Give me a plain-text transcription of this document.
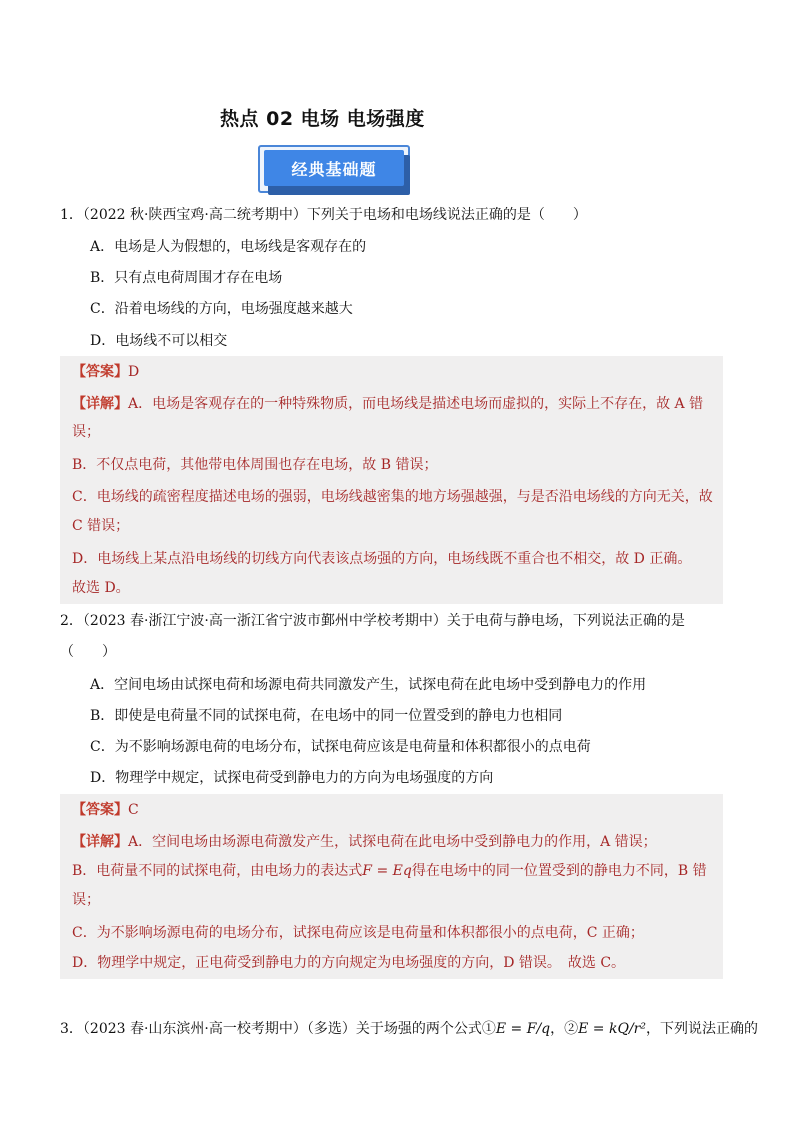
热点 02 电场 电场强度
经典基础题
1．（2022 秋·陕西宝鸡·高二统考期中）下列关于电场和电场线说法正确的是（　　）
A．电场是人为假想的，电场线是客观存在的
B．只有点电荷周围才存在电场
C．沿着电场线的方向，电场强度越来越大
D．电场线不可以相交
【答案】D
【详解】A．电场是客观存在的一种特殊物质，而电场线是描述电场而虚拟的，实际上不存在，故 A 错
误；
B．不仅点电荷，其他带电体周围也存在电场，故 B 错误；
C．电场线的疏密程度描述电场的强弱，电场线越密集的地方场强越强，与是否沿电场线的方向无关，故
C 错误；
D．电场线上某点沿电场线的切线方向代表该点场强的方向，电场线既不重合也不相交，故 D 正确。
故选 D。
2．（2023 春·浙江宁波·高一浙江省宁波市鄞州中学校考期中）关于电荷与静电场，下列说法正确的是
（　　）
A．空间电场由试探电荷和场源电荷共同激发产生，试探电荷在此电场中受到静电力的作用
B．即使是电荷量不同的试探电荷，在电场中的同一位置受到的静电力也相同
C．为不影响场源电荷的电场分布，试探电荷应该是电荷量和体积都很小的点电荷
D．物理学中规定，试探电荷受到静电力的方向为电场强度的方向
【答案】C
【详解】A．空间电场由场源电荷激发产生，试探电荷在此电场中受到静电力的作用，A 错误；
B．电荷量不同的试探电荷，由电场力的表达式F = Eq得在电场中的同一位置受到的静电力不同，B 错
误；
C．为不影响场源电荷的电场分布，试探电荷应该是电荷量和体积都很小的点电荷，C 正确；
D．物理学中规定，正电荷受到静电力的方向规定为电场强度的方向，D 错误。　故选 C。
3．（2023 春·山东滨州·高一校考期中）（多选）关于场强的两个公式①E = F/q，②E = kQ/r²，下列说法正确的
